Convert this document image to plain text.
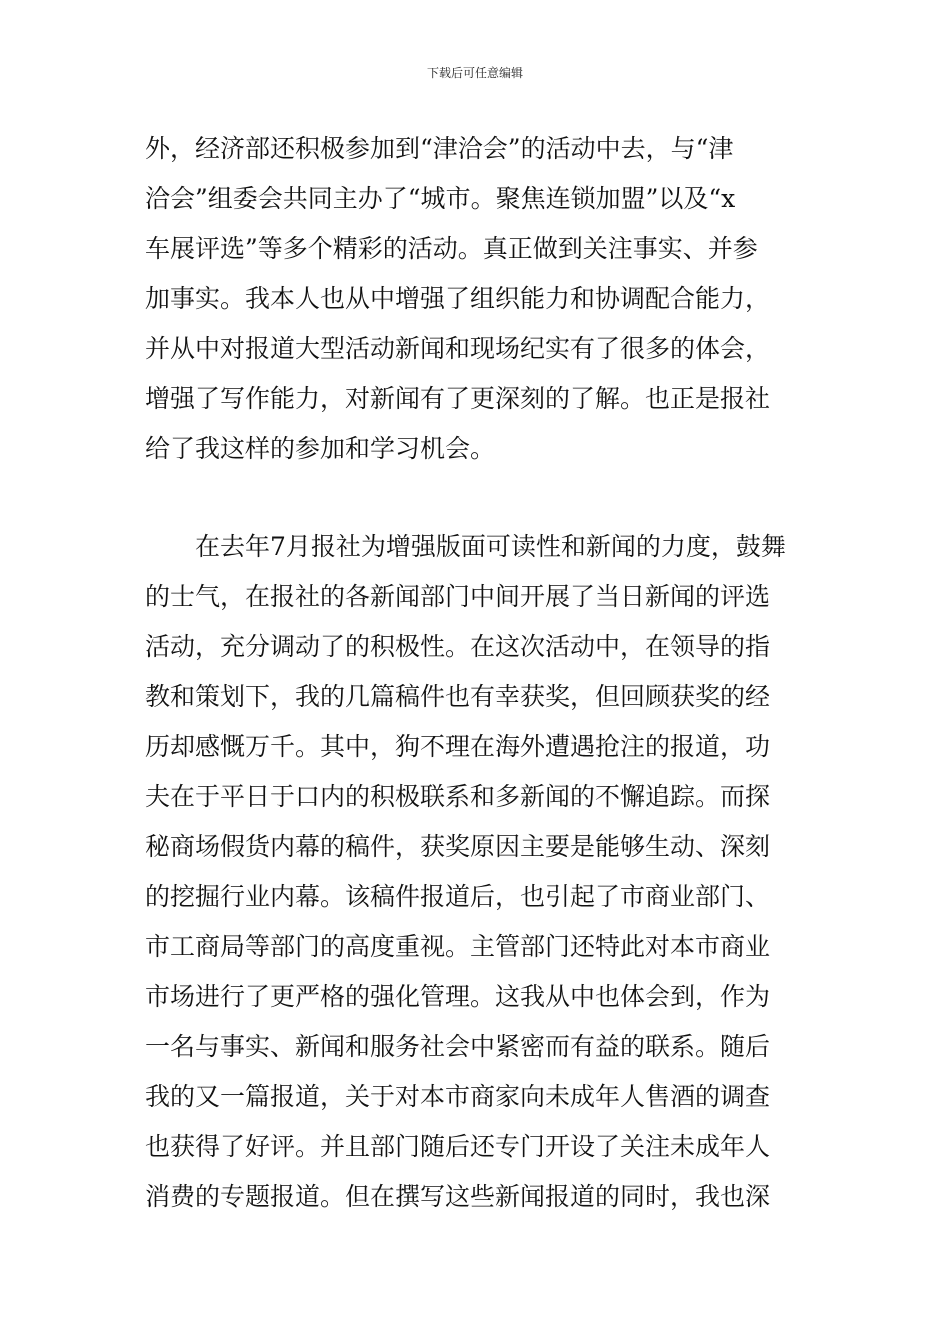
下载后可任意编辑
外，经济部还积极参加到“津洽会”的活动中去，与“津
洽会”组委会共同主办了“城市。聚焦连锁加盟”以及“x
车展评选”等多个精彩的活动。真正做到关注事实、并参
加事实。我本人也从中增强了组织能力和协调配合能力，
并从中对报道大型活动新闻和现场纪实有了很多的体会，
增强了写作能力，对新闻有了更深刻的了解。也正是报社
给了我这样的参加和学习机会。
　　在去年7月报社为增强版面可读性和新闻的力度，鼓舞
的士气，在报社的各新闻部门中间开展了当日新闻的评选
活动，充分调动了的积极性。在这次活动中，在领导的指
教和策划下，我的几篇稿件也有幸获奖，但回顾获奖的经
历却感慨万千。其中，狗不理在海外遭遇抢注的报道，功
夫在于平日于口内的积极联系和多新闻的不懈追踪。而探
秘商场假货内幕的稿件，获奖原因主要是能够生动、深刻
的挖掘行业内幕。该稿件报道后，也引起了市商业部门、
市工商局等部门的高度重视。主管部门还特此对本市商业
市场进行了更严格的强化管理。这我从中也体会到，作为
一名与事实、新闻和服务社会中紧密而有益的联系。随后
我的又一篇报道，关于对本市商家向未成年人售酒的调查
也获得了好评。并且部门随后还专门开设了关注未成年人
消费的专题报道。但在撰写这些新闻报道的同时，我也深
